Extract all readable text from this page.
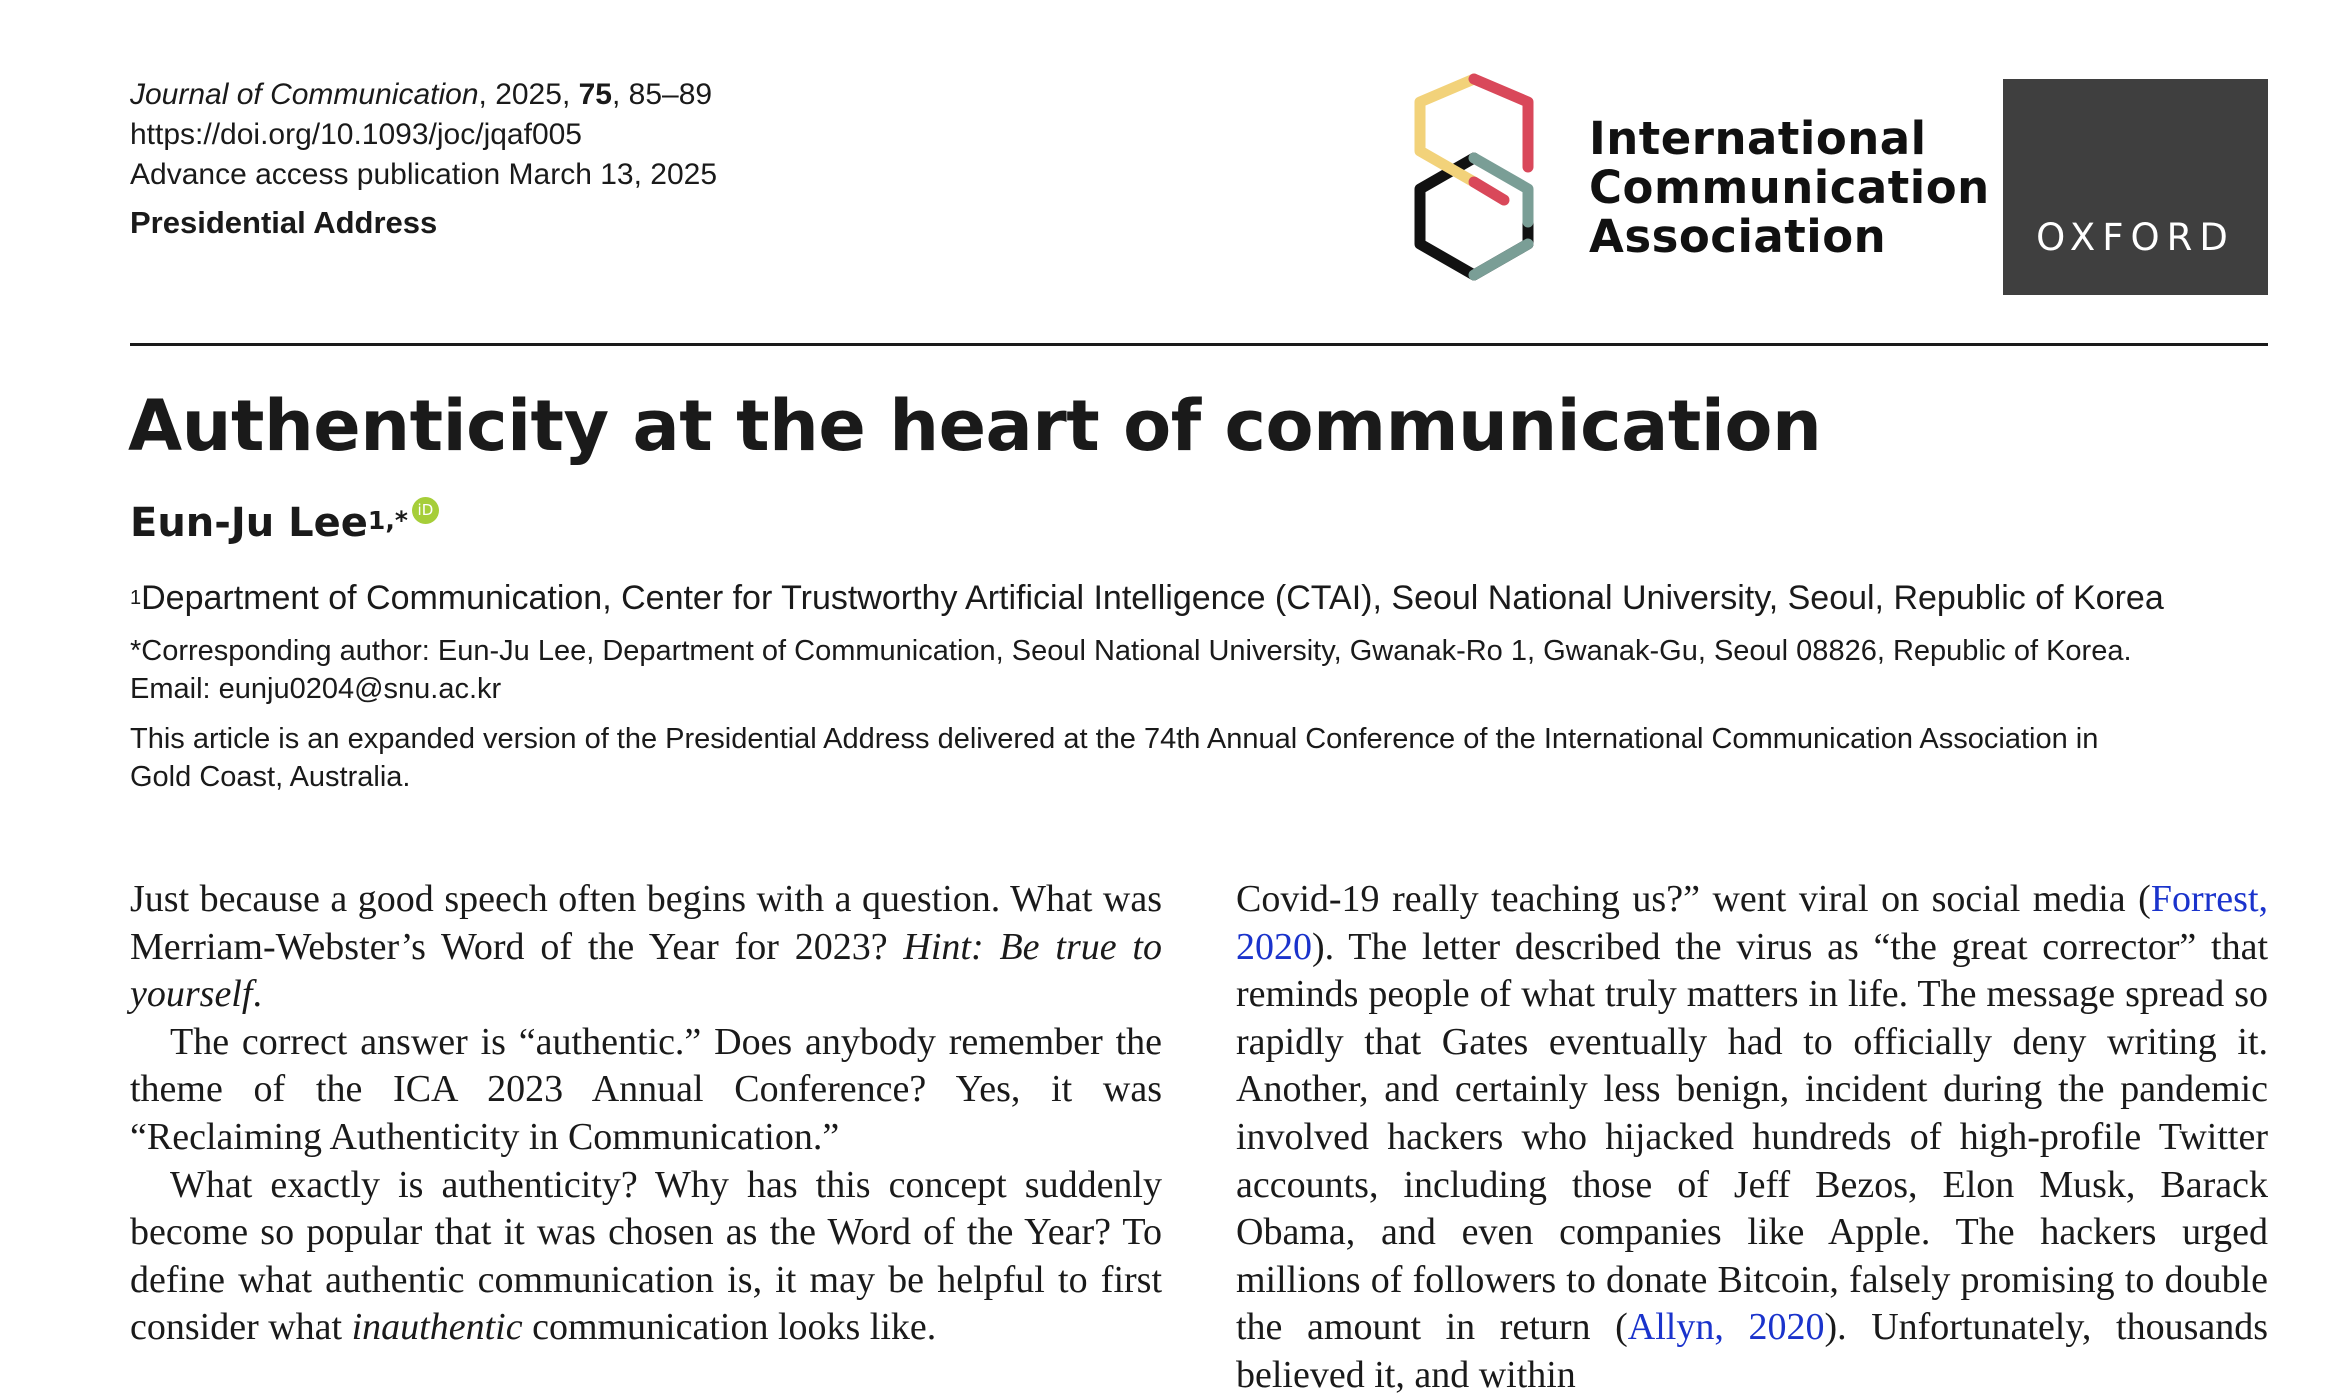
Journal of Communication, 2025, 75, 85–89
https://doi.org/10.1093/joc/jqaf005
Advance access publication March 13, 2025
Presidential Address
International
Communication
Association	OXFORD
Authenticity at the heart of communication
Eun-Ju Lee$^{1,*}$ iD
$^1$Department of Communication, Center for Trustworthy Artificial Intelligence (CTAI), Seoul National University, Seoul, Republic of Korea
*Corresponding author: Eun-Ju Lee, Department of Communication, Seoul National University, Gwanak-Ro 1, Gwanak-Gu, Seoul 08826, Republic of Korea.
Email: eunju0204@snu.ac.kr
This article is an expanded version of the Presidential Address delivered at the 74th Annual Conference of the International Communication Association in
Gold Coast, Australia.

Just because a good speech often begins with a question. What was Merriam-Webster’s Word of the Year for 2023? Hint: Be true to yourself.

The correct answer is “authentic.” Does anybody remember the theme of the ICA 2023 Annual Conference? Yes, it was “Reclaiming Authenticity in Communication.”

What exactly is authenticity? Why has this concept suddenly become so popular that it was chosen as the Word of the Year? To define what authentic communication is, it may be helpful to first consider what inauthentic communication looks like.

Covid-19 really teaching us?” went viral on social media (Forrest, 2020). The letter described the virus as “the great corrector” that reminds people of what truly matters in life. The message spread so rapidly that Gates eventually had to officially deny writing it. Another, and certainly less benign, incident during the pandemic involved hackers who hijacked hundreds of high-profile Twitter accounts, including those of Jeff Bezos, Elon Musk, Barack Obama, and even companies like Apple. The hackers urged millions of followers to donate Bitcoin, falsely promising to double the amount in return (Allyn, 2020). Unfortunately, thousands believed it, and within
